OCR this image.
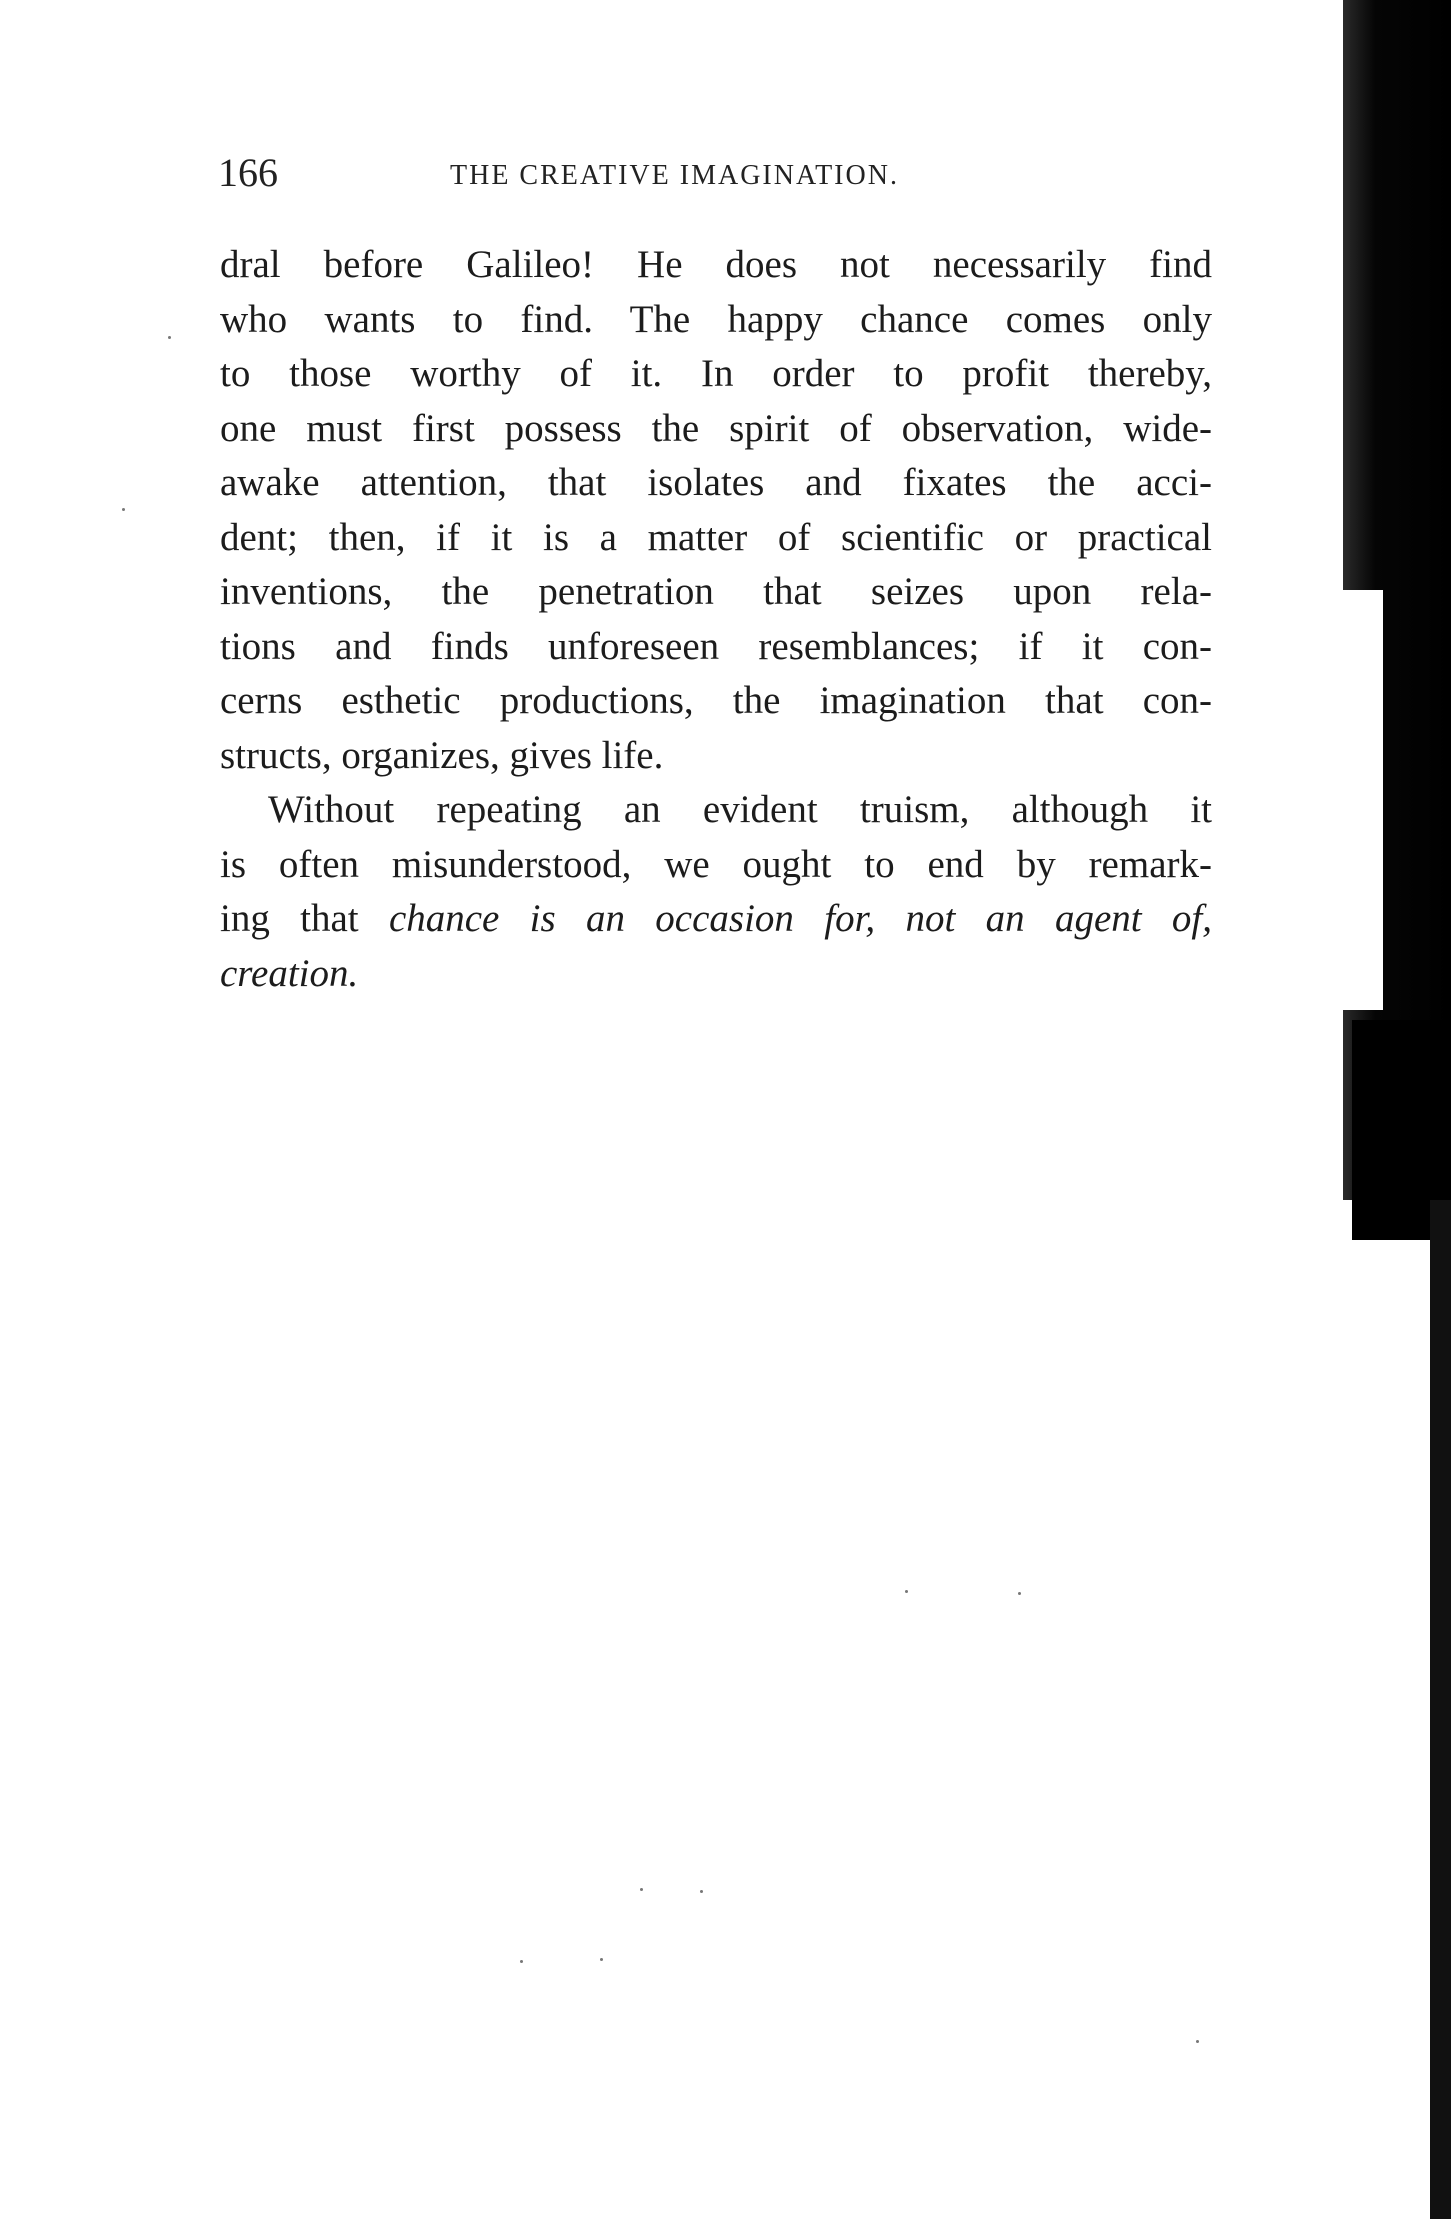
166	THE CREATIVE IMAGINATION.

dral before Galileo! He does not necessarily find
who wants to find. The happy chance comes only
to those worthy of it. In order to profit thereby,
one must first possess the spirit of observation, wide-
awake attention, that isolates and fixates the acci-
dent; then, if it is a matter of scientific or practical
inventions, the penetration that seizes upon rela-
tions and finds unforeseen resemblances; if it con-
cerns esthetic productions, the imagination that con-
structs, organizes, gives life.

Without repeating an evident truism, although it
is often misunderstood, we ought to end by remark-
ing that chance is an occasion for, not an agent of,
creation.
